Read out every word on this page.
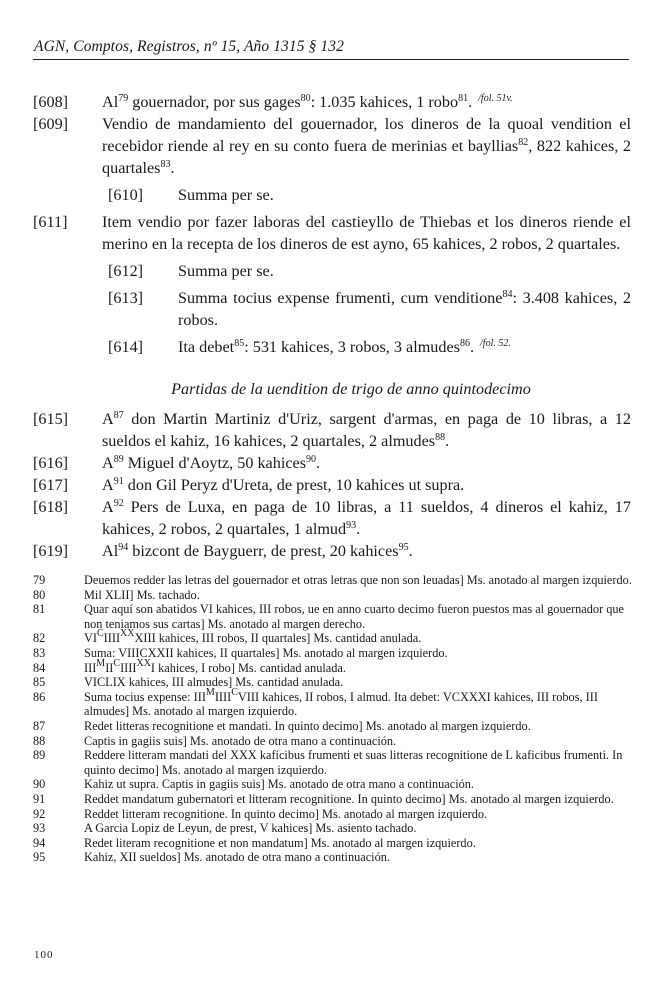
AGN, Comptos, Registros, nº 15, Año 1315 § 132
[608]	Al$^{79}$ gouernador, por sus gages$^{80}$: 1.035 kahices, 1 robo$^{81}$. $^{/fol. 51v.}$
[609]	Vendio de mandamiento del gouernador, los dineros de la quoal vendition el recebidor riende al rey en su conto fuera de merinias et bayllias$^{82}$, 822 kahices, 2 quartales$^{83}$.
[610]	Summa per se.
[611]	Item vendio por fazer laboras del castieyllo de Thiebas et los dineros riende el merino en la recepta de los dineros de est ayno, 65 kahices, 2 robos, 2 quartales.
[612]	Summa per se.
[613]	Summa tocius expense frumenti, cum venditione$^{84}$: 3.408 kahices, 2 robos.
[614]	Ita debet$^{85}$: 531 kahices, 3 robos, 3 almudes$^{86}$. $^{/fol. 52.}$
Partidas de la uendition de trigo de anno quintodecimo
[615]	$A^{87}$ don Martin Martiniz d'Uriz, sargent d'armas, en paga de 10 libras, a 12 sueldos el kahiz, 16 kahices, 2 quartales, 2 almudes$^{88}$.
[616]	$A^{89}$ Miguel d'Aoytz, 50 kahices$^{90}$.
[617]	$A^{91}$ don Gil Peryz d'Ureta, de prest, 10 kahices ut supra.
[618]	$A^{92}$ Pers de Luxa, en paga de 10 libras, a 11 sueldos, 4 dineros el kahiz, 17 kahices, 2 robos, 2 quartales, 1 almud$^{93}$.
[619]	Al$^{94}$ bizcont de Bayguerr, de prest, 20 kahices$^{95}$.
79	Deuemos redder las letras del gouernador et otras letras que non son leuadas] Ms. anotado al margen izquierdo.
80	Mil XLII] Ms. tachado.
81	Quar aquí son abatidos VI kahices, III robos, ue en anno cuarto decimo fueron puestos mas al gouernador que non teniamos sus cartas] Ms. anotado al margen derecho.
82	$VI^CIIII^{XX}XIII$ kahices, III robos, II quartales] Ms. cantidad anulada.
83	Suma: VIIICXXII kahices, II quartales] Ms. anotado al margen izquierdo.
84	$III^MII^CIIII^{XX}I$ kahices, I robo] Ms. cantidad anulada.
85	VICLIX kahices, III almudes] Ms. cantidad anulada.
86	Suma tocius expense: $III^MIIII^CVIII$ kahices, II robos, I almud. Ita debet: VCXXXI kahices, III robos, III almudes] Ms. anotado al margen izquierdo.
87	Redet litteras recognitione et mandati. In quinto decimo] Ms. anotado al margen izquierdo.
88	Captis in gagiis suis] Ms. anotado de otra mano a continuación.
89	Reddere litteram mandati del XXX kaficibus frumenti et suas litteras recognitione de L kaficibus frumenti. In quinto decimo] Ms. anotado al margen izquierdo.
90	Kahiz ut supra. Captis in gagiis suis] Ms. anotado de otra mano a continuación.
91	Reddet mandatum gubernatori et litteram recognitione. In quinto decimo] Ms. anotado al margen izquierdo.
92	Reddet litteram recognitione. In quinto decimo] Ms. anotado al margen izquierdo.
93	A Garcia Lopiz de Leyun, de prest, V kahices] Ms. asiento tachado.
94	Redet literam recognitione et non mandatum] Ms. anotado al margen izquierdo.
95	Kahiz, XII sueldos] Ms. anotado de otra mano a continuación.
100
